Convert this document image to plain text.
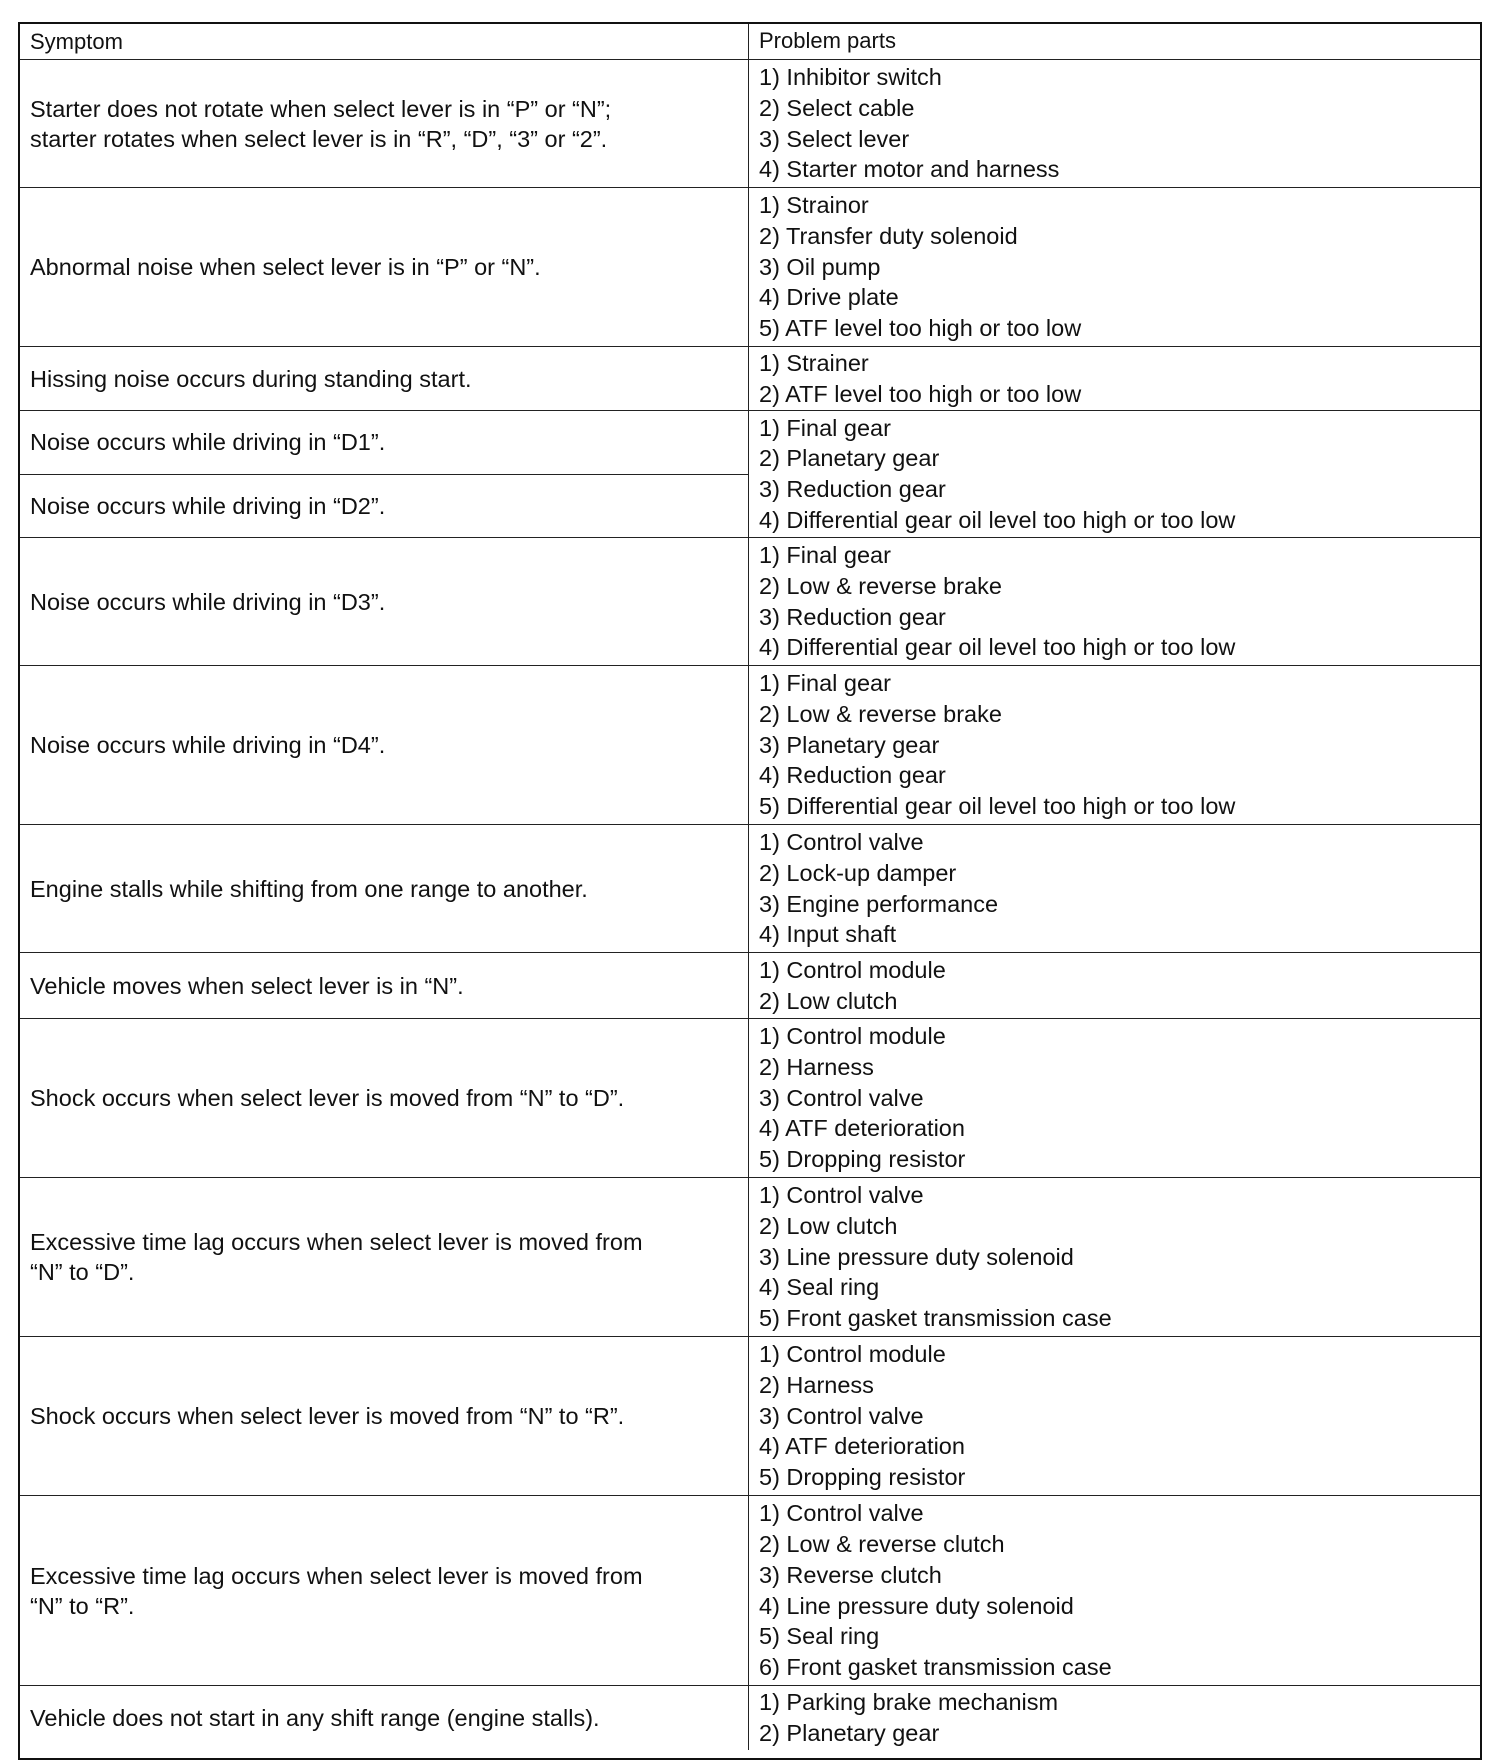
Symptom	Problem parts
Starter does not rotate when select lever is in “P” or “N”;
starter rotates when select lever is in “R”, “D”, “3” or “2”.
1) Inhibitor switch
2) Select cable
3) Select lever
4) Starter motor and harness
Abnormal noise when select lever is in “P” or “N”.
1) Strainor
2) Transfer duty solenoid
3) Oil pump
4) Drive plate
5) ATF level too high or too low
Hissing noise occurs during standing start.
1) Strainer
2) ATF level too high or too low
Noise occurs while driving in “D1”.
Noise occurs while driving in “D2”.
1) Final gear
2) Planetary gear
3) Reduction gear
4) Differential gear oil level too high or too low
Noise occurs while driving in “D3”.
1) Final gear
2) Low & reverse brake
3) Reduction gear
4) Differential gear oil level too high or too low
Noise occurs while driving in “D4”.
1) Final gear
2) Low & reverse brake
3) Planetary gear
4) Reduction gear
5) Differential gear oil level too high or too low
Engine stalls while shifting from one range to another.
1) Control valve
2) Lock-up damper
3) Engine performance
4) Input shaft
Vehicle moves when select lever is in “N”.
1) Control module
2) Low clutch
Shock occurs when select lever is moved from “N” to “D”.
1) Control module
2) Harness
3) Control valve
4) ATF deterioration
5) Dropping resistor
Excessive time lag occurs when select lever is moved from
“N” to “D”.
1) Control valve
2) Low clutch
3) Line pressure duty solenoid
4) Seal ring
5) Front gasket transmission case
Shock occurs when select lever is moved from “N” to “R”.
1) Control module
2) Harness
3) Control valve
4) ATF deterioration
5) Dropping resistor
Excessive time lag occurs when select lever is moved from
“N” to “R”.
1) Control valve
2) Low & reverse clutch
3) Reverse clutch
4) Line pressure duty solenoid
5) Seal ring
6) Front gasket transmission case
Vehicle does not start in any shift range (engine stalls).
1) Parking brake mechanism
2) Planetary gear
